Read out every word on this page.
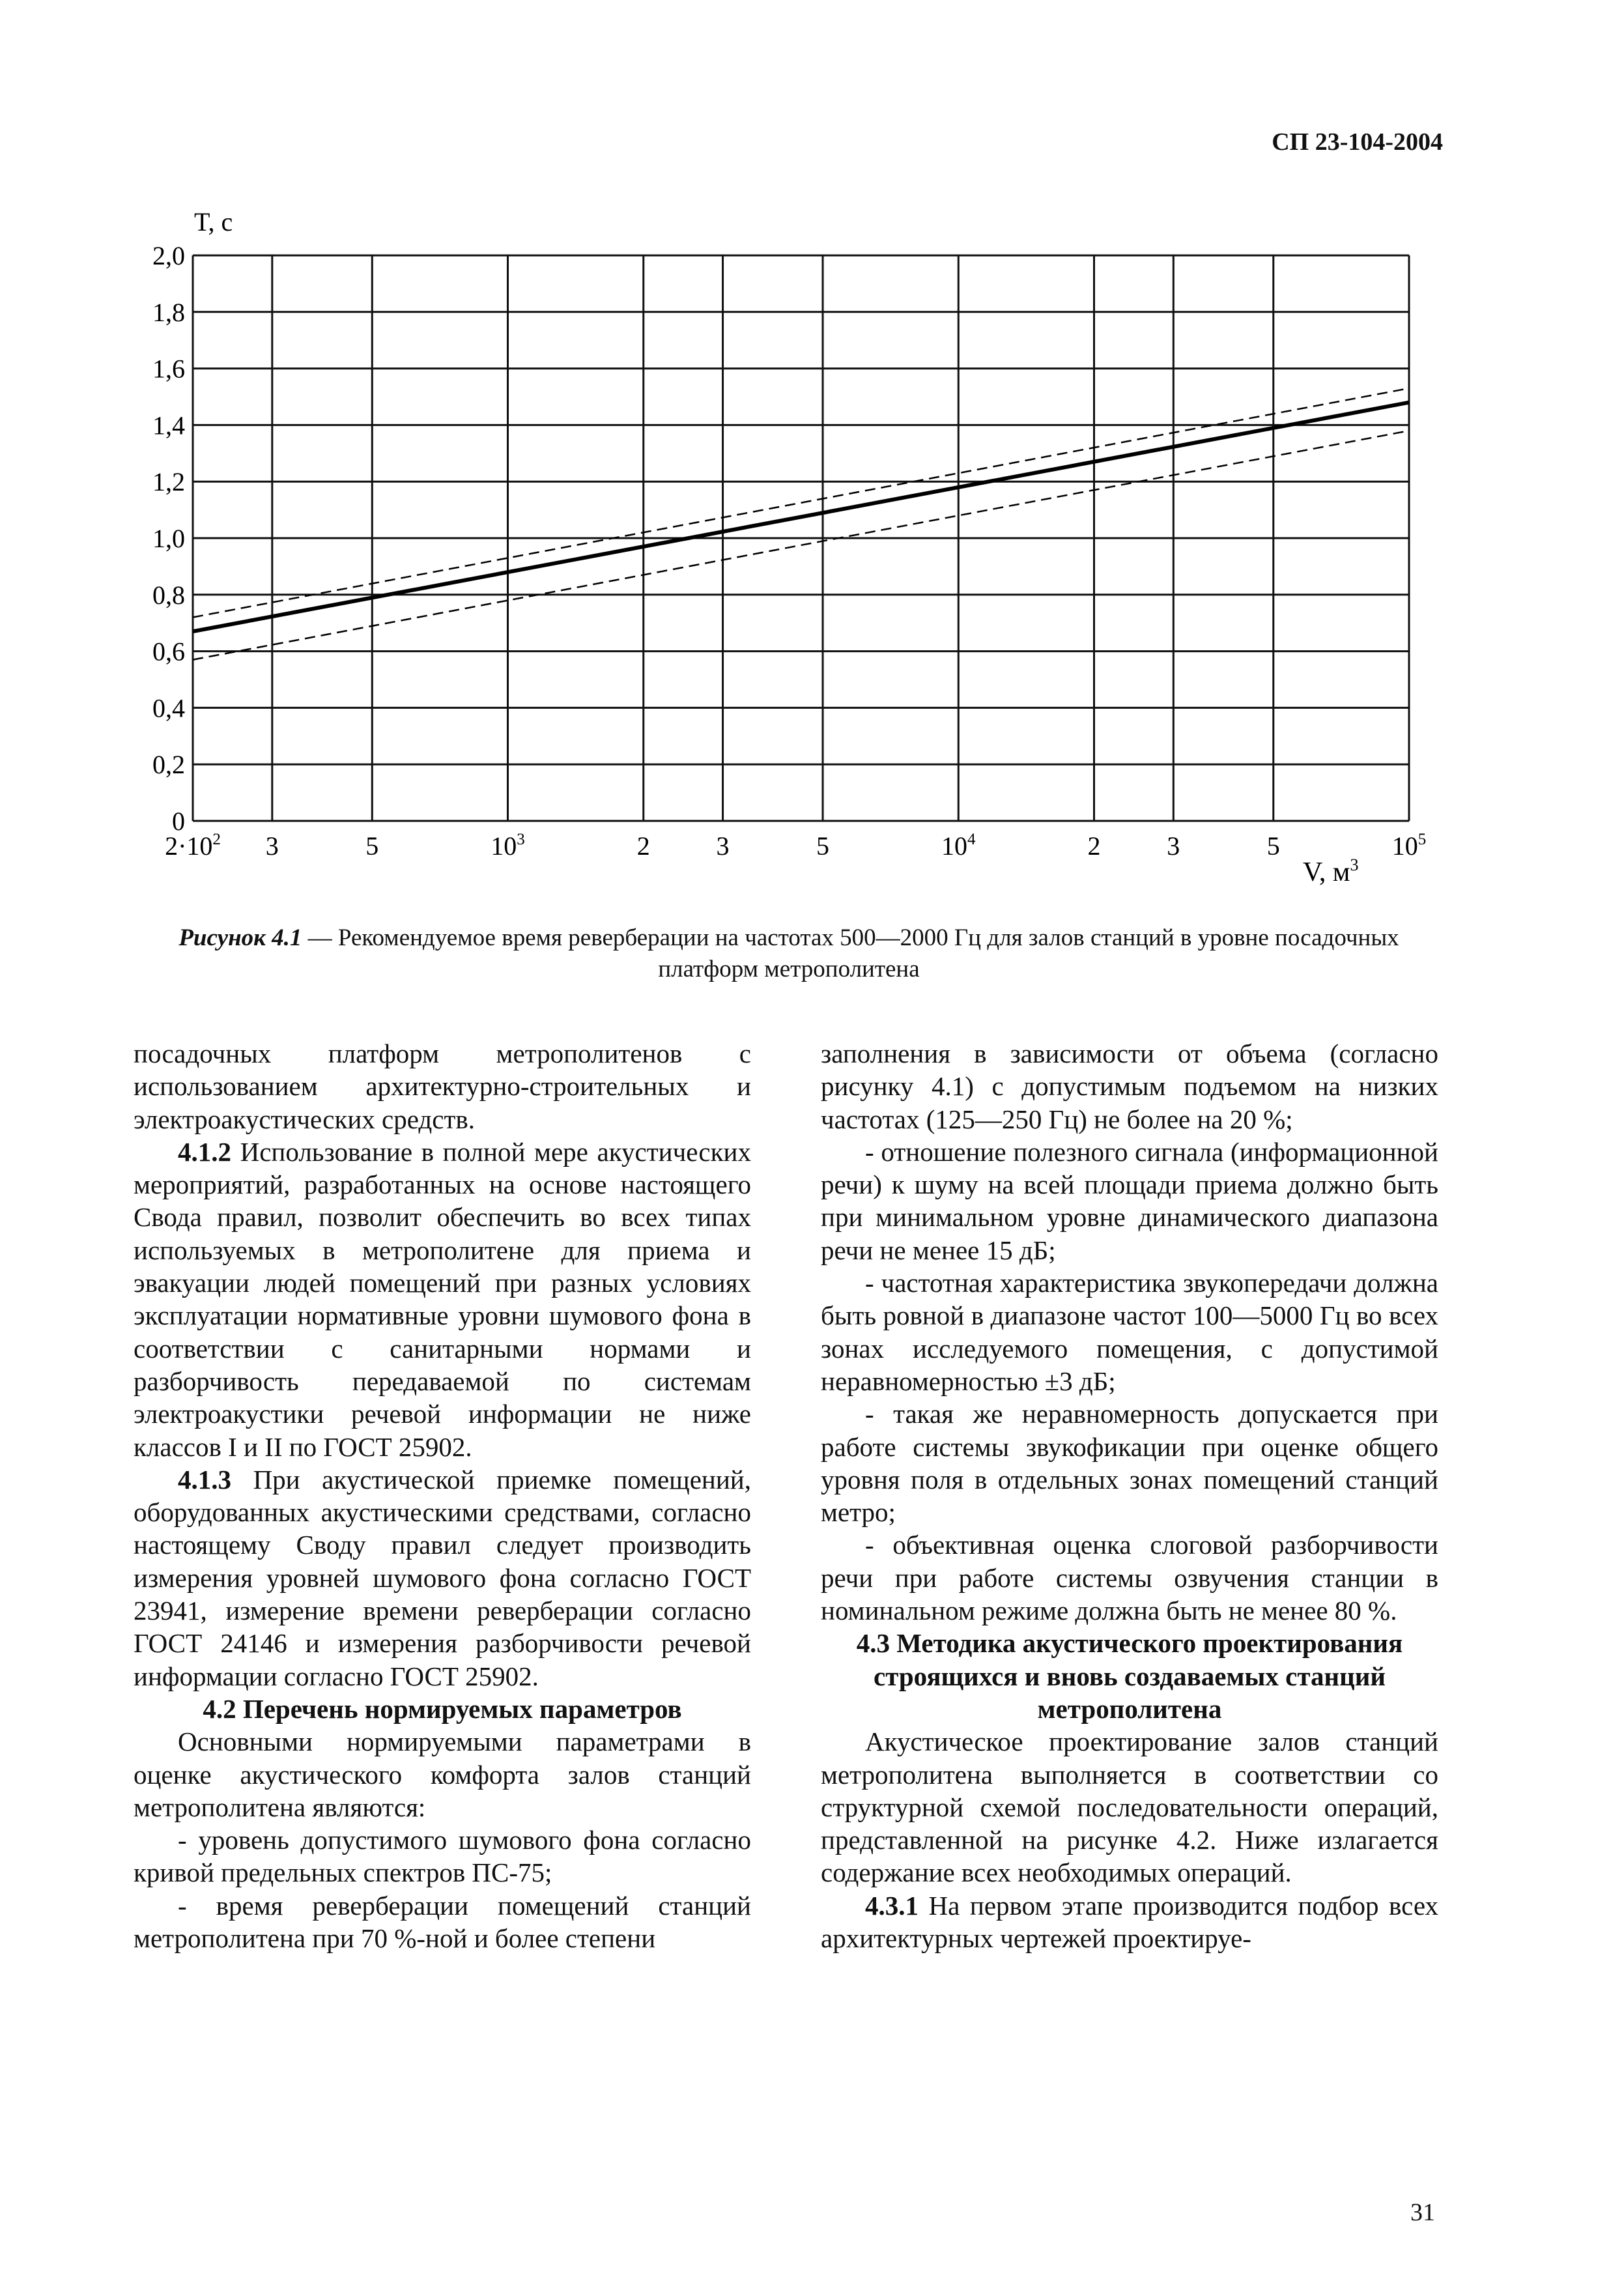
СП 23-104-2004
2,0
1,8
1,6
1,4
1,2
1,0
0,8
0,6
0,4
0,2
0
$2\cdot 10^2$ 3	5	$10^3$	2	3	5	$10^4$	2	3	5	$10^5$
T, c
V, $м^3$
Рисунок 4.1 — Рекомендуемое время реверберации на частотах 500—2000 Гц для залов станций в уровне посадочных платформ метрополитена

посадочных платформ метрополитенов с использованием архитектурно-строительных и электроакустических средств.

4.1.2 Использование в полной мере акустических мероприятий, разработанных на основе настоящего Свода правил, позволит обеспечить во всех типах используемых в метрополитене для приема и эвакуации людей помещений при разных условиях эксплуатации нормативные уровни шумового фона в соответствии с санитарными нормами и разборчивость передаваемой по системам электроакустики речевой информации не ниже классов I и II по ГОСТ 25902.

4.1.3 При акустической приемке помещений, оборудованных акустическими средствами, согласно настоящему Своду правил следует производить измерения уровней шумового фона согласно ГОСТ 23941, измерение времени реверберации согласно ГОСТ 24146 и измерения разборчивости речевой информации согласно ГОСТ 25902.

4.2 Перечень нормируемых параметров

Основными нормируемыми параметрами в оценке акустического комфорта залов станций метрополитена являются:

- уровень допустимого шумового фона согласно кривой предельных спектров ПС-75;

- время реверберации помещений станций метрополитена при 70 %-ной и более степени

заполнения в зависимости от объема (согласно рисунку 4.1) с допустимым подъемом на низких частотах (125—250 Гц) не более на 20 %;

- отношение полезного сигнала (информационной речи) к шуму на всей площади приема должно быть при минимальном уровне динамического диапазона речи не менее 15 дБ;

- частотная характеристика звукопередачи должна быть ровной в диапазоне частот 100—5000 Гц во всех зонах исследуемого помещения, с допустимой неравномерностью ±3 дБ;

- такая же неравномерность допускается при работе системы звукофикации при оценке общего уровня поля в отдельных зонах помещений станций метро;

- объективная оценка слоговой разборчивости речи при работе системы озвучения станции в номинальном режиме должна быть не менее 80 %.

4.3 Методика акустического проектирования строящихся и вновь создаваемых станций метрополитена

Акустическое проектирование залов станций метрополитена выполняется в соответствии со структурной схемой последовательности операций, представленной на рисунке 4.2. Ниже излагается содержание всех необходимых операций.

4.3.1 На первом этапе производится подбор всех архитектурных чертежей проектируе-

31
